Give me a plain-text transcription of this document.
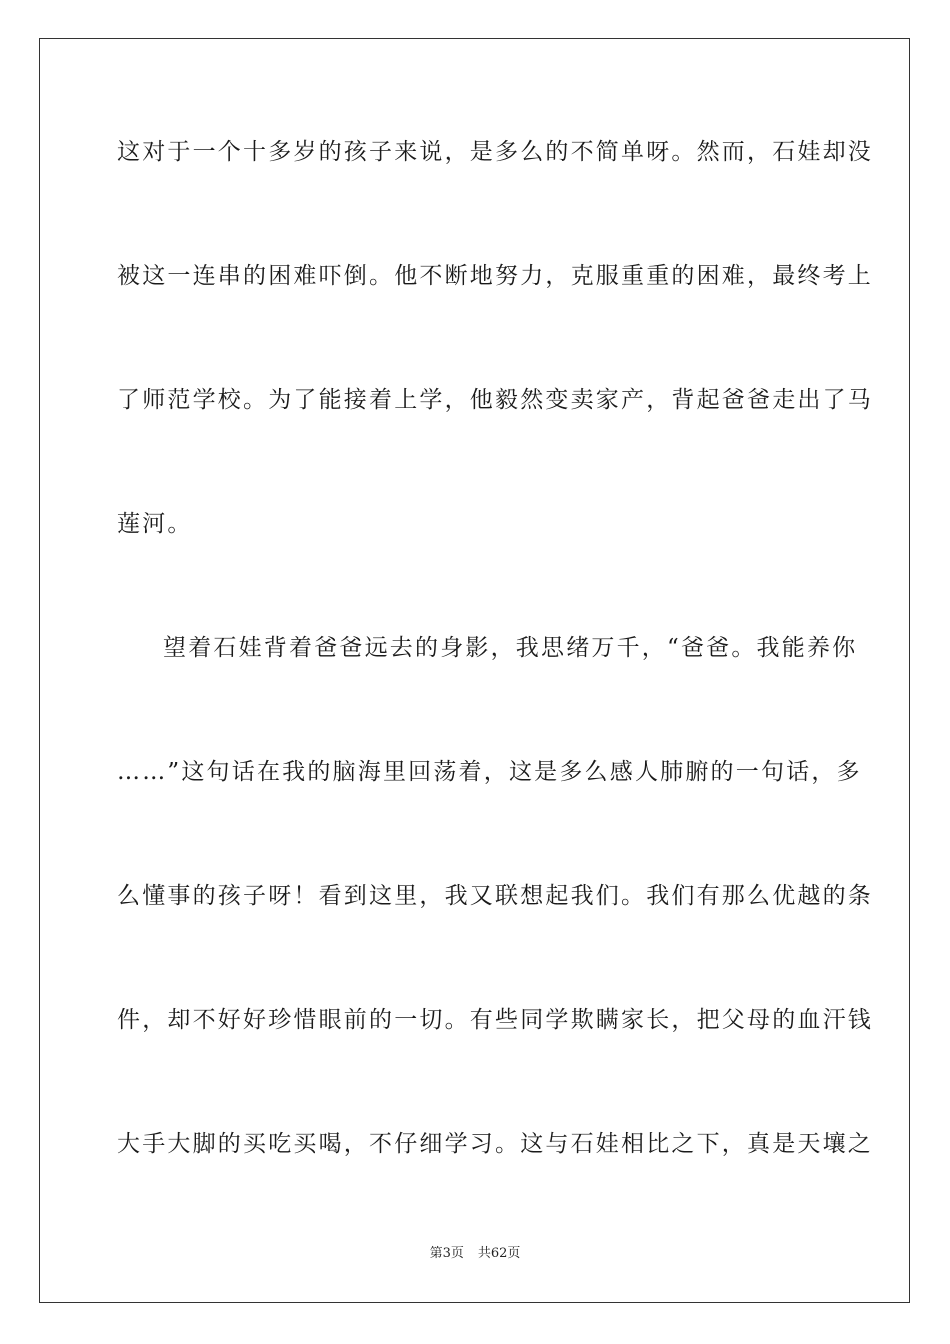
这对于一个十多岁的孩子来说，是多么的不简单呀。然而，石娃却没
被这一连串的困难吓倒。他不断地努力，克服重重的困难，最终考上
了师范学校。为了能接着上学，他毅然变卖家产，背起爸爸走出了马
莲河。
望着石娃背着爸爸远去的身影，我思绪万千，“爸爸。我能养你
……”这句话在我的脑海里回荡着，这是多么感人肺腑的一句话，多
么懂事的孩子呀！看到这里，我又联想起我们。我们有那么优越的条
件，却不好好珍惜眼前的一切。有些同学欺瞒家长，把父母的血汗钱
大手大脚的买吃买喝，不仔细学习。这与石娃相比之下，真是天壤之
第3页 共62页
